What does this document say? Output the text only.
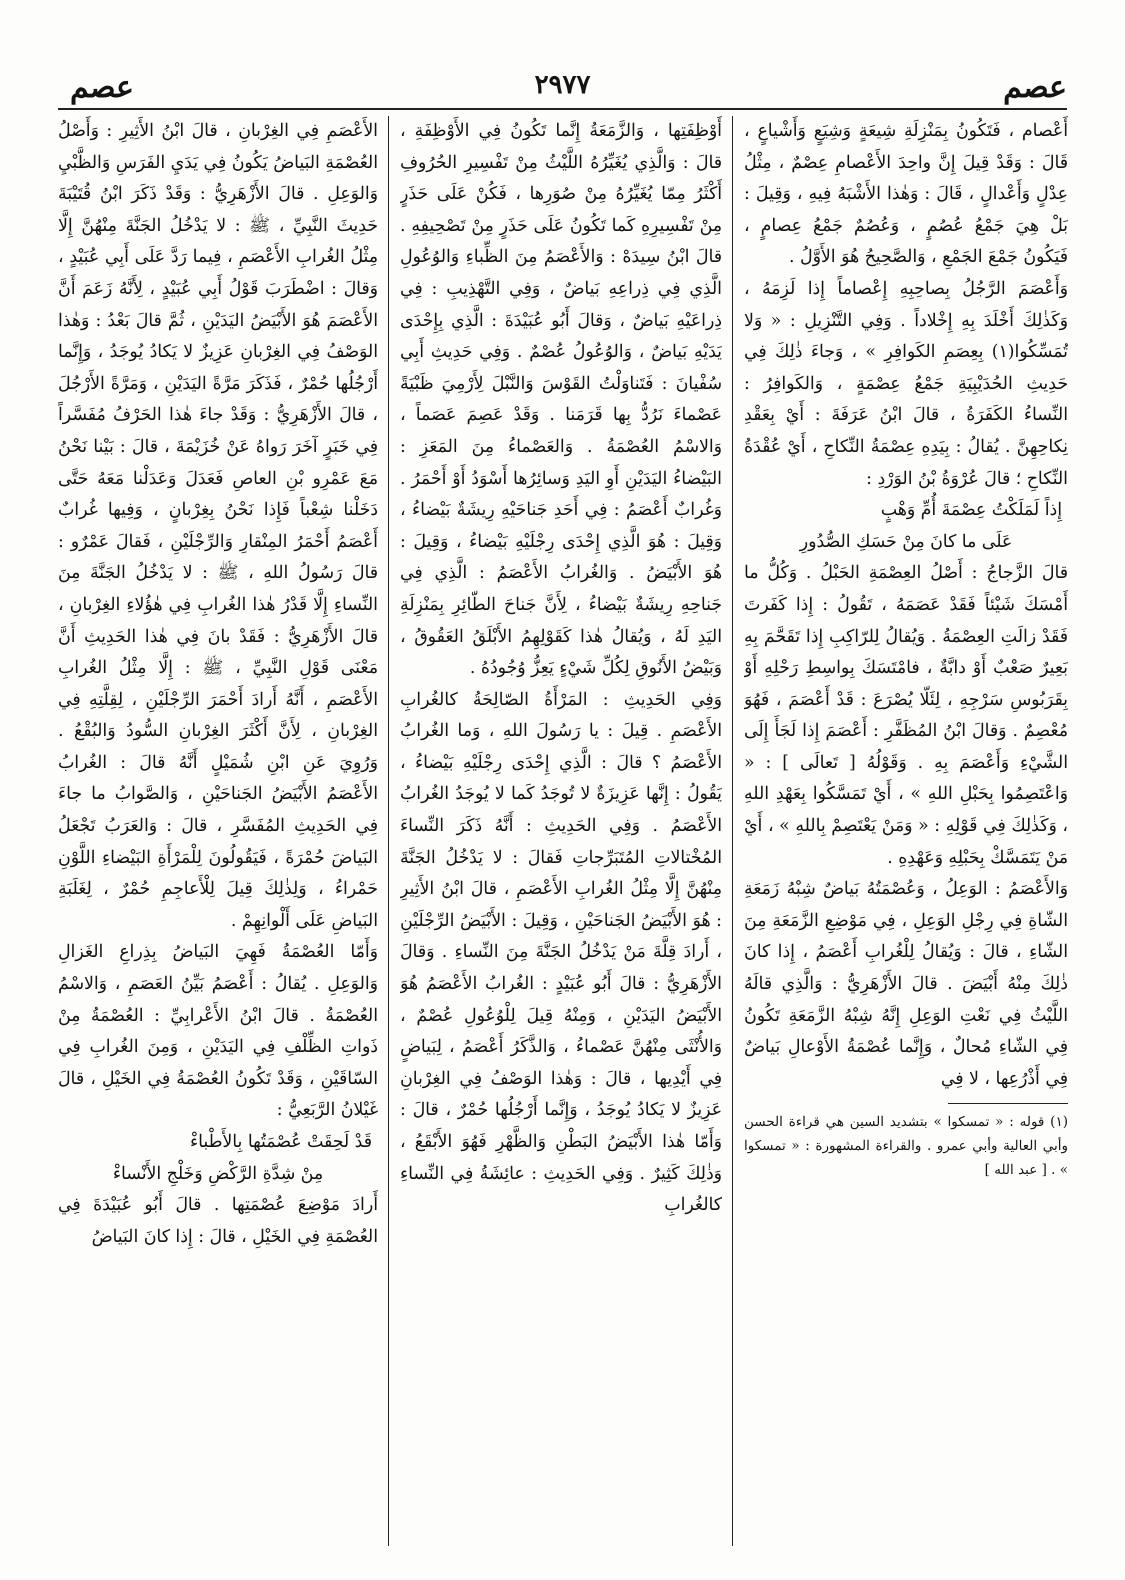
عصم
٢٩٧٧
عصم

أَعْصام ، فَتَكُونُ بِمَنْزِلَةِ شِيعَةٍ وَشِيَعٍ وَأَشْياعٍ ، قَالَ : وَقَدْ قِيلَ إِنَّ واحِدَ الأَعْصامِ عِصْمٌ ، مِثْلُ عِدْلٍ وَأَعْدالٍ ، قَالَ : وَهٰذا الأَشْبَهُ فِيهِ ، وَقِيلَ : بَلْ هِيَ جَمْعُ عُصُمٍ ، وَعُصُمٌ جَمْعُ عِصامٍ ، فَيَكُونُ جَمْعَ الجَمْعِ ، وَالصَّحِيحُ هُوَ الأَوَّلُ .

وَأَعْصَمَ الرَّجُلُ بِصاحِبِهِ إِعْصاماً إِذا لَزِمَهُ ، وَكَذٰلِكَ أَخْلَدَ بِهِ إِخْلاداً . وَفِي التَّنْزِيلِ : « وَلا تُمَسِّكُوا(١) بِعِصَمِ الكَوافِرِ » ، وَجاءَ ذٰلِكَ فِي حَدِيثِ الحُدَيْبِيَةِ جَمْعُ عِصْمَةٍ ، وَالكَوافِرُ : النِّساءُ الكَفَرَةُ ، قالَ ابْنُ عَرَفَةَ : أَيْ بِعَقْدِ نِكاحِهِنَّ . يُقالُ : بِيَدِهِ عِصْمَةُ النِّكاحِ ، أَيْ عُقْدَةُ النِّكاحِ ؛ قالَ عُرْوَةُ بْنُ الوَرْدِ :

إِذاً لَمَلَكْتُ عِصْمَةَ أُمِّ وَهْبٍ

عَلَى ما كانَ مِنْ حَسَكِ الصُّدُورِ

قالَ الزَّجاجُ : أَصْلُ العِصْمَةِ الحَبْلُ . وَكُلُّ ما أَمْسَكَ شَيْئاً فَقَدْ عَصَمَهُ ، تَقُولُ : إِذا كَفَرتَ فَقَدْ زالَتِ العِصْمَةُ . وَيُقالُ لِلرّاكِبِ إِذا تَقَحَّمَ بِهِ بَعِيرٌ صَعْبٌ أَوْ دابَّةٌ ، فامْتَسَكَ بِواسِطِ رَحْلِهِ أَوْ بِقَرَبُوسِ سَرْجِهِ ، لِئَلّا يُصْرَعَ : قَدْ أَعْصَمَ ، فَهُوَ مُعْصِمٌ . وَقالَ ابْنُ المُظَفَّرِ : أَعْصَمَ إِذا لَجَأَ إِلَى الشَّيْءِ وَأَعْصَمَ بِهِ . وَقَوْلُهُ [ تَعالَى ] : « وَاعْتَصِمُوا بِحَبْلِ اللهِ » ، أَيْ تَمَسَّكُوا بِعَهْدِ اللهِ ، وَكَذٰلِكَ فِي قَوْلِهِ : « وَمَنْ يَعْتَصِمْ بِاللهِ » ، أَيْ مَنْ يَتَمَسَّكْ بِحَبْلِهِ وَعَهْدِهِ .

وَالأَعْصَمُ : الوَعِلُ ، وَعُصْمَتُهُ بَياضٌ شِبْهُ زَمَعَةِ الشّاةِ فِي رِجْلِ الوَعِلِ ، فِي مَوْضِعِ الزَّمَعَةِ مِنَ الشّاءِ ، قالَ : وَيُقالُ لِلْغُرابِ أَعْصَمُ ، إِذا كانَ ذٰلِكَ مِنْهُ أَبْيَضَ . قالَ الأَزْهَرِيُّ : وَالَّذِي قالَهُ اللَّيْثُ فِي نَعْتِ الوَعِلِ إِنَّهُ شِبْهُ الزَّمَعَةِ تَكُونُ فِي الشّاءِ مُحالٌ ، وَإِنَّما عُصْمَةُ الأَوْعالِ بَياضٌ فِي أَذْرُعِها ، لا فِي

(١) قوله : « تمسكوا » بتشديد السين هي قراءة الحسن وأبي العالية وأبي عمرو . والقراءة المشهورة : « تمسكوا » . [ عبد الله ]

أَوْظِفَتِها ، وَالزَّمَعَةُ إِنَّما تَكُونُ فِي الأَوْظِفَةِ ، قالَ : وَالَّذِي يُغَيِّرُهُ اللَّيْثُ مِنْ تَفْسِيرِ الحُرُوفِ أَكْثَرُ مِمّا يُغَيِّرُهُ مِنْ صُوَرِها ، فَكُنْ عَلَى حَذَرٍ مِنْ تَفْسِيرِهِ كَما تَكُونُ عَلَى حَذَرٍ مِنْ تَصْحِيفِهِ . قالَ ابْنُ سِيدَهْ : وَالأَعْصَمُ مِنَ الظِّباءِ وَالوُعُولِ الَّذِي فِي ذِراعِهِ بَياضٌ ، وَفِي التَّهْذِيبِ : فِي ذِراعَيْهِ بَياضٌ ، وَقالَ أَبُو عُبَيْدَةَ : الَّذِي بِإِحْدَى يَدَيْهِ بَياضٌ ، وَالوُعُولُ عُصْمٌ . وَفِي حَدِيثِ أَبِي سُفْيانَ : فَتَناوَلْتُ القَوْسَ وَالنَّبْلَ لِأَرْمِيَ ظَبْيَةً عَصْماءَ نَرُدُّ بِها قَرَمَنا . وَقَدْ عَصِمَ عَصَماً ، وَالاسْمُ العُصْمَةُ . وَالعَصْماءُ مِنَ المَعَزِ : البَيْضاءُ اليَدَيْنِ أَوِ اليَدِ وَسائِرُها أَسْوَدُ أَوْ أَحْمَرُ . وَغُرابٌ أَعْصَمُ : فِي أَحَدِ جَناحَيْهِ رِيشَةٌ بَيْضاءُ ، وَقِيلَ : هُوَ الَّذِي إِحْدَى رِجْلَيْهِ بَيْضاءُ ، وَقِيلَ : هُوَ الأَبْيَضُ . وَالغُرابُ الأَعْصَمُ : الَّذِي فِي جَناحِهِ رِيشَةٌ بَيْضاءُ ، لِأَنَّ جَناحَ الطّائِرِ بِمَنْزِلَةِ اليَدِ لَهُ ، وَيُقالُ هٰذا كَقَوْلِهِمُ الأَبْلَقُ العَقُوقُ ، وَبَيْضُ الأَنُوقِ لِكُلِّ شَيْءٍ يَعِزُّ وُجُودُهُ .

وَفِي الحَدِيثِ : المَرْأَةُ الصّالِحَةُ كالغُرابِ الأَعْصَمِ . قِيلَ : يا رَسُولَ اللهِ ، وَما الغُرابُ الأَعْصَمُ ؟ قالَ : الَّذِي إِحْدَى رِجْلَيْهِ بَيْضاءُ ، يَقُولُ : إِنَّها عَزِيزَةٌ لا تُوجَدُ كَما لا يُوجَدُ الغُرابُ الأَعْصَمُ . وَفِي الحَدِيثِ : أَنَّهُ ذَكَرَ النِّساءَ المُخْتالاتِ المُتَبَرِّجاتِ فَقالَ : لا يَدْخُلُ الجَنَّةَ مِنْهُنَّ إِلَّا مِثْلُ الغُرابِ الأَعْصَمِ ، قالَ ابْنُ الأَثِيرِ : هُوَ الأَبْيَضُ الجَناحَيْنِ ، وَقِيلَ : الأَبْيَضُ الرِّجْلَيْنِ ، أَرادَ قِلَّةَ مَنْ يَدْخُلُ الجَنَّةَ مِنَ النِّساءِ . وَقالَ الأَزْهَرِيُّ : قالَ أَبُو عُبَيْدٍ : الغُرابُ الأَعْصَمُ هُوَ الأَبْيَضُ اليَدَيْنِ ، وَمِنْهُ قِيلَ لِلْوُعُولِ عُصْمٌ ، وَالأُنْثَى مِنْهُنَّ عَصْماءُ ، وَالذَّكَرُ أَعْصَمُ ، لِبَياضٍ فِي أَيْدِيها ، قالَ : وَهٰذا الوَصْفُ فِي الغِرْبانِ عَزِيزٌ لا يَكادُ يُوجَدُ ، وَإِنَّما أَرْجُلُها حُمْرٌ ، قالَ : وَأَمّا هٰذا الأَبْيَضُ البَطْنِ وَالظَّهْرِ فَهُوَ الأَبْقَعُ ، وَذٰلِكَ كَثِيرٌ . وَفِي الحَدِيثِ : عائِشَةُ فِي النِّساءِ كالغُرابِ

الأَعْصَمِ فِي الغِرْبانِ ، قالَ ابْنُ الأَثِيرِ : وَأَصْلُ العُصْمَةِ البَياضُ يَكُونُ فِي يَدَيِ الفَرَسِ وَالظَّبْيِ وَالوَعِلِ . قالَ الأَزْهَرِيُّ : وَقَدْ ذَكَرَ ابْنُ قُتَيْبَةَ حَدِيثَ النَّبِيِّ ، ﷺ : لا يَدْخُلُ الجَنَّةَ مِنْهُنَّ إِلَّا مِثْلُ الغُرابِ الأَعْصَمِ ، فِيما رَدَّ عَلَى أَبِي عُبَيْدٍ ، وَقالَ : اضْطَرَبَ قَوْلُ أَبِي عُبَيْدٍ ، لِأَنَّهُ زَعَمَ أَنَّ الأَعْصَمَ هُوَ الأَبْيَضُ اليَدَيْنِ ، ثُمَّ قالَ بَعْدُ : وَهٰذا الوَصْفُ فِي الغِرْبانِ عَزِيزٌ لا يَكادُ يُوجَدُ ، وَإِنَّما أَرْجُلُها حُمْرٌ ، فَذَكَرَ مَرَّةً اليَدَيْنِ ، وَمَرَّةً الأَرْجُلَ ، قالَ الأَزْهَرِيُّ : وَقَدْ جاءَ هٰذا الحَرْفُ مُفَسَّراً فِي خَبَرٍ آخَرَ رَواهُ عَنْ خُزَيْمَةَ ، قالَ : بَيْنا نَحْنُ مَعَ عَمْرِو بْنِ العاصِ فَعَدَلَ وَعَدَلْنا مَعَهُ حَتَّى دَخَلْنا شِعْباً فَإِذا نَحْنُ بِغِرْبانٍ ، وَفِيها غُرابٌ أَعْصَمُ أَحْمَرُ المِنْقارِ وَالرِّجْلَيْنِ ، فَقالَ عَمْرٌو : قالَ رَسُولُ اللهِ ، ﷺ : لا يَدْخُلُ الجَنَّةَ مِنَ النِّساءِ إِلَّا قَدْرُ هٰذا الغُرابِ فِي هٰؤُلاءِ الغِرْبانِ ، قالَ الأَزْهَرِيُّ : فَقَدْ بانَ فِي هٰذا الحَدِيثِ أَنَّ مَعْنَى قَوْلِ النَّبِيِّ ، ﷺ : إِلَّا مِثْلُ الغُرابِ الأَعْصَمِ ، أَنَّهُ أَرادَ أَحْمَرَ الرِّجْلَيْنِ ، لِقِلَّتِهِ فِي الغِرْبانِ ، لِأَنَّ أَكْثَرَ الغِرْبانِ السُّودُ وَالبُقْعُ . وَرُوِيَ عَنِ ابْنِ شُمَيْلٍ أَنَّهُ قالَ : الغُرابُ الأَعْصَمُ الأَبْيَضُ الجَناحَيْنِ ، وَالصَّوابُ ما جاءَ فِي الحَدِيثِ المُفَسَّرِ ، قالَ : وَالعَرَبُ تَجْعَلُ البَياضَ حُمْرَةً ، فَيَقُولُونَ لِلْمَرْأَةِ البَيْضاءِ اللَّوْنِ حَمْراءُ ، وَلِذٰلِكَ قِيلَ لِلْأَعاجِمِ حُمْرٌ ، لِغَلَبَةِ البَياضِ عَلَى أَلْوانِهِمْ .

وَأَمّا العُصْمَةُ فَهِيَ البَياضُ بِذِراعِ الغَزالِ وَالوَعِلِ . يُقالُ : أَعْصَمُ بَيِّنُ العَصَمِ ، وَالاسْمُ العُصْمَةُ . قالَ ابْنُ الأَعْرابِيِّ : العُصْمَةُ مِنْ ذَواتِ الظِّلْفِ فِي اليَدَيْنِ ، وَمِنَ الغُرابِ فِي السّاقَيْنِ ، وَقَدْ تَكُونُ العُصْمَةُ فِي الخَيْلِ ، قالَ غَيْلانُ الرَّبَعِيُّ :

قَدْ لَحِقَتْ عُصْمَتُها بِالأَطْباءْ

مِنْ شِدَّةِ الرَّكْضِ وَخَلْجِ الأَنْساءْ

أَرادَ مَوْضِعَ عُصْمَتِها . قالَ أَبُو عُبَيْدَةَ فِي العُصْمَةِ فِي الخَيْلِ ، قالَ : إِذا كانَ البَياضُ
